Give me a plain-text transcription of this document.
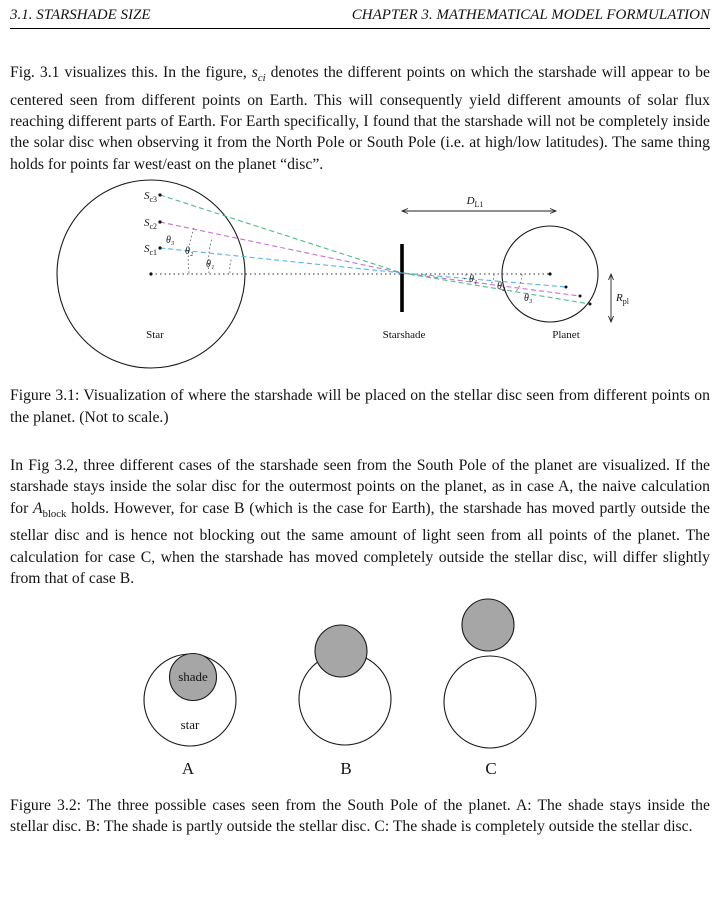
3.1. STARSHADE SIZE	CHAPTER 3. MATHEMATICAL MODEL FORMULATION

Fig. 3.1 visualizes this. In the figure, $s_{ci}$ denotes the different points on which the starshade will appear to be centered seen from different points on Earth. This will consequently yield different amounts of solar flux reaching different parts of Earth. For Earth specifically, I found that the starshade will not be completely inside the solar disc when observing it from the North Pole or South Pole (i.e. at high/low latitudes). The same thing holds for points far west/east on the planet “disc”.

$S_{c3}$
$S_{c2}$
$S_{c1}$
θ₁
θ₂
θ₃
θ₁
θ₂
θ₃
$D_{L1}$
$R_{pl}$
Star	Starshade	Planet

Figure 3.1: Visualization of where the starshade will be placed on the stellar disc seen from different points on the planet. (Not to scale.)

In Fig 3.2, three different cases of the starshade seen from the South Pole of the planet are visualized. If the starshade stays inside the solar disc for the outermost points on the planet, as in case A, the naive calculation for $A_{block}$ holds. However, for case B (which is the case for Earth), the starshade has moved partly outside the stellar disc and is hence not blocking out the same amount of light seen from all points of the planet. The calculation for case C, when the starshade has moved completely outside the stellar disc, will differ slightly from that of case B.

shade
star
A	B	C

Figure 3.2: The three possible cases seen from the South Pole of the planet. A: The shade stays inside the stellar disc. B: The shade is partly outside the stellar disc. C: The shade is completely outside the stellar disc.
